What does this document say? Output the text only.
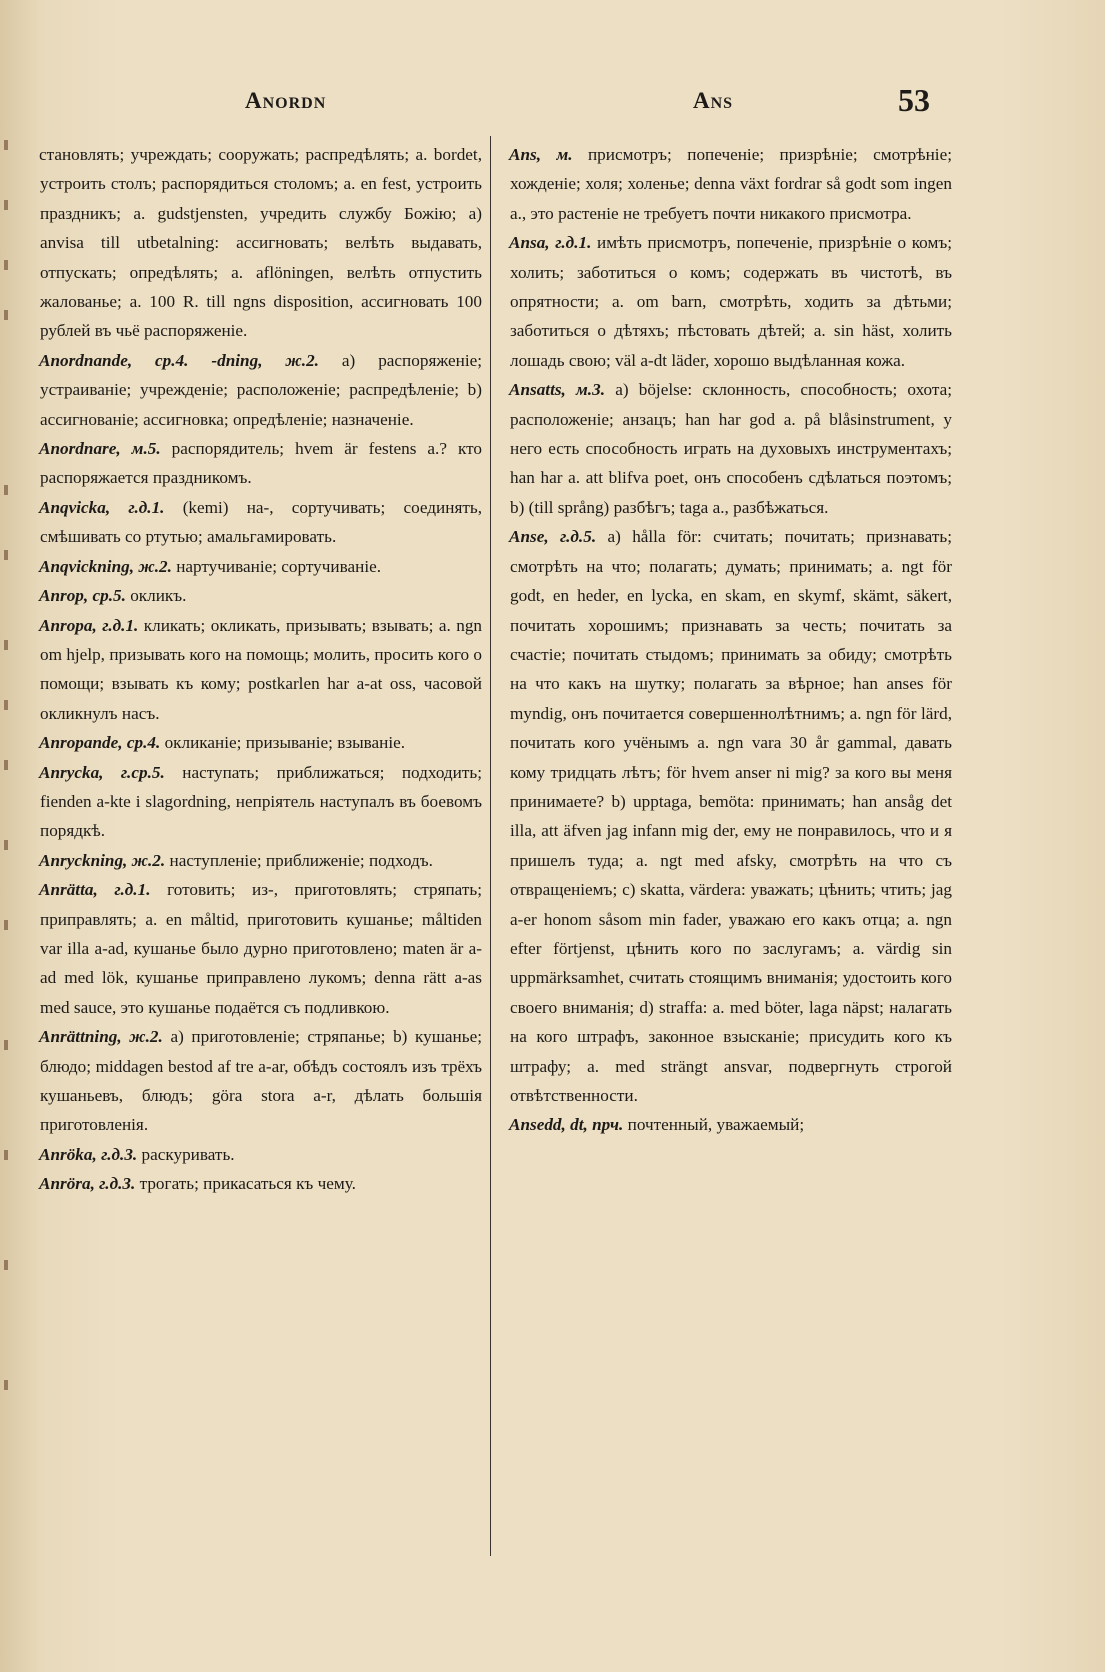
Anordn	Ans	53

становлять; учреждать; сооружать; распредѣлять; a. bordet, устроить столъ; распорядиться столомъ; a. en fest, устроить праздникъ; a. gudstjensten, учредить службу Божію; a) anvisa till utbetalning: ассигновать; велѣть выдавать, отпускать; опредѣлять; a. aflöningen, велѣть отпустить жалованье; a. 100 R. till ngns disposition, ассигновать 100 рублей въ чьё распоряженіе.

Anordnande, ср.4. -dning, ж.2. а) распоряженіе; устраиваніе; учрежденіе; расположеніе; распредѣленіе; b) ассигнованіе; ассигновка; опредѣленіе; назначеніе.

Anordnare, м.5. распорядитель; hvem är festens a.? кто распоряжается праздникомъ.

Anqvicka, г.д.1. (kemi) на-, сортучивать; соединять, смѣшивать со ртутью; амальгамировать.

Anqvickning, ж.2. нартучиваніе; сортучиваніе.

Anrop, ср.5. окликъ.

Anropa, г.д.1. кликать; окликать, призывать; взывать; a. ngn om hjelp, призывать кого на помощь; молить, просить кого о помощи; взывать къ кому; postkarlen har a-at oss, часовой окликнулъ насъ.

Anropande, ср.4. окликаніе; призываніе; взываніе.

Anrycka, г.ср.5. наступать; приближаться; подходить; fienden a-kte i slagordning, непріятель наступалъ въ боевомъ порядкѣ.

Anryckning, ж.2. наступленіе; приближеніе; подходъ.

Anrätta, г.д.1. готовить; из-, приготовлять; стряпать; приправлять; a. en måltid, приготовить кушанье; måltiden var illa a-ad, кушанье было дурно приготовлено; maten är a-ad med lök, кушанье приправлено лукомъ; denna rätt a-as med sauce, это кушанье подаётся съ подливкою.

Anrättning, ж.2. а) приготовленіе; стряпанье; b) кушанье; блюдо; middagen bestod af tre a-ar, обѣдъ состоялъ изъ трёхъ кушаньевъ, блюдъ; göra stora a-r, дѣлать большія приготовленія.

Anröka, г.д.3. раскуривать.

Anröra, г.д.3. трогать; прикасаться къ чему.

Ans, м. присмотръ; попеченіе; призрѣніе; смотрѣніе; хожденіе; холя; холенье; denna växt fordrar så godt som ingen a., это растеніе не требуетъ почти никакого присмотра.

Ansa, г.д.1. имѣть присмотръ, попеченіе, призрѣніе о комъ; холить; заботиться о комъ; содержать въ чистотѣ, въ опрятности; a. om barn, смотрѣть, ходить за дѣтьми; заботиться о дѣтяхъ; пѣстовать дѣтей; a. sin häst, холить лошадь свою; väl a-dt läder, хорошо выдѣланная кожа.

Ansatts, м.3. а) böjelse: склонность, способность; охота; расположеніе; анзацъ; han har god a. på blåsinstrument, у него есть способность играть на духовыхъ инструментахъ; han har a. att blifva poet, онъ способенъ сдѣлаться поэтомъ; b) (till språng) разбѣгъ; taga a., разбѣжаться.

Anse, г.д.5. а) hålla för: считать; почитать; признавать; смотрѣть на что; полагать; думать; принимать; a. ngt för godt, en heder, en lycka, en skam, en skymf, skämt, säkert, почитать хорошимъ; признавать за честь; почитать за счастіе; почитать стыдомъ; принимать за обиду; смотрѣть на что какъ на шутку; полагать за вѣрное; han anses för myndig, онъ почитается совершеннолѣтнимъ; a. ngn för lärd, почитать кого учёнымъ a. ngn vara 30 år gammal, давать кому тридцать лѣтъ; för hvem anser ni mig? за кого вы меня принимаете? b) upptaga, bemöta: принимать; han ansåg det illa, att äfven jag infann mig der, ему не понравилось, что и я пришелъ туда; a. ngt med afsky, смотрѣть на что съ отвращеніемъ; c) skatta, värdera: уважать; цѣнить; чтить; jag a-er honom såsom min fader, уважаю его какъ отца; a. ngn efter förtjenst, цѣнить кого по заслугамъ; a. värdig sin uppmärksamhet, считать стоящимъ вниманія; удостоить кого своего вниманія; d) straffa: a. med böter, laga näpst; налагать на кого штрафъ, законное взысканіе; присудить кого къ штрафу; a. med strängt ansvar, подвергнуть строгой отвѣтственности.

Ansedd, dt, прч. почтенный, уважаемый;
